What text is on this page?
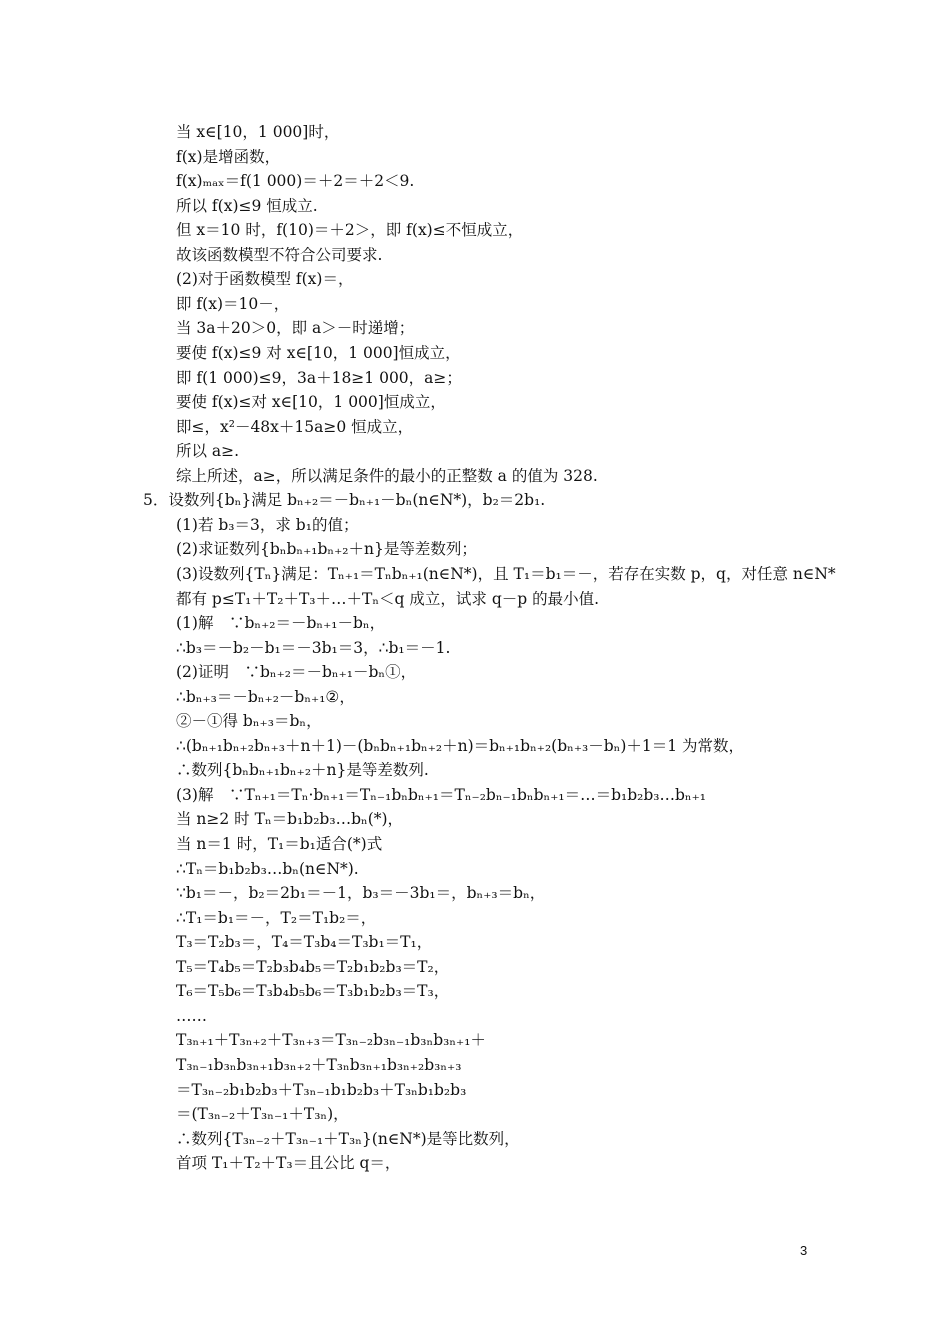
当 x∈[10，1 000]时，
f(x)是增函数，
f(x)ₘₐₓ＝f(1 000)＝＋2＝＋2＜9.
所以 f(x)≤9 恒成立.
但 x＝10 时，f(10)＝＋2＞，即 f(x)≤不恒成立，
故该函数模型不符合公司要求.
(2)对于函数模型 f(x)＝，
即 f(x)＝10－，
当 3a＋20＞0，即 a＞－时递增；
要使 f(x)≤9 对 x∈[10，1 000]恒成立，
即 f(1 000)≤9，3a＋18≥1 000，a≥；
要使 f(x)≤对 x∈[10，1 000]恒成立，
即≤，x²－48x＋15a≥0 恒成立，
所以 a≥.
综上所述，a≥，所以满足条件的最小的正整数 a 的值为 328.
5．设数列{bₙ}满足 bₙ₊₂＝－bₙ₊₁－bₙ(n∈N*)，b₂＝2b₁.
(1)若 b₃＝3，求 b₁的值；
(2)求证数列{bₙbₙ₊₁bₙ₊₂＋n}是等差数列；
(3)设数列{Tₙ}满足：Tₙ₊₁＝Tₙbₙ₊₁(n∈N*)，且 T₁＝b₁＝－，若存在实数 p，q，对任意 n∈N*
都有 p≤T₁＋T₂＋T₃＋…＋Tₙ＜q 成立，试求 q－p 的最小值.
(1)解　∵bₙ₊₂＝－bₙ₊₁－bₙ，
∴b₃＝－b₂－b₁＝－3b₁＝3，∴b₁＝－1.
(2)证明　∵bₙ₊₂＝－bₙ₊₁－bₙ①，
∴bₙ₊₃＝－bₙ₊₂－bₙ₊₁②，
②－①得 bₙ₊₃＝bₙ，
∴(bₙ₊₁bₙ₊₂bₙ₊₃＋n＋1)－(bₙbₙ₊₁bₙ₊₂＋n)＝bₙ₊₁bₙ₊₂(bₙ₊₃－bₙ)＋1＝1 为常数，
∴数列{bₙbₙ₊₁bₙ₊₂＋n}是等差数列.
(3)解　∵Tₙ₊₁＝Tₙ·bₙ₊₁＝Tₙ₋₁bₙbₙ₊₁＝Tₙ₋₂bₙ₋₁bₙbₙ₊₁＝…＝b₁b₂b₃…bₙ₊₁
当 n≥2 时 Tₙ＝b₁b₂b₃…bₙ(*)，
当 n＝1 时，T₁＝b₁适合(*)式
∴Tₙ＝b₁b₂b₃…bₙ(n∈N*).
∵b₁＝－，b₂＝2b₁＝－1，b₃＝－3b₁＝，bₙ₊₃＝bₙ，
∴T₁＝b₁＝－，T₂＝T₁b₂＝，
T₃＝T₂b₃＝，T₄＝T₃b₄＝T₃b₁＝T₁，
T₅＝T₄b₅＝T₂b₃b₄b₅＝T₂b₁b₂b₃＝T₂，
T₆＝T₅b₆＝T₃b₄b₅b₆＝T₃b₁b₂b₃＝T₃，
……
T₃ₙ₊₁＋T₃ₙ₊₂＋T₃ₙ₊₃＝T₃ₙ₋₂b₃ₙ₋₁b₃ₙb₃ₙ₊₁＋
T₃ₙ₋₁b₃ₙb₃ₙ₊₁b₃ₙ₊₂＋T₃ₙb₃ₙ₊₁b₃ₙ₊₂b₃ₙ₊₃
＝T₃ₙ₋₂b₁b₂b₃＋T₃ₙ₋₁b₁b₂b₃＋T₃ₙb₁b₂b₃
＝(T₃ₙ₋₂＋T₃ₙ₋₁＋T₃ₙ)，
∴数列{T₃ₙ₋₂＋T₃ₙ₋₁＋T₃ₙ}(n∈N*)是等比数列，
首项 T₁＋T₂＋T₃＝且公比 q＝，
3
